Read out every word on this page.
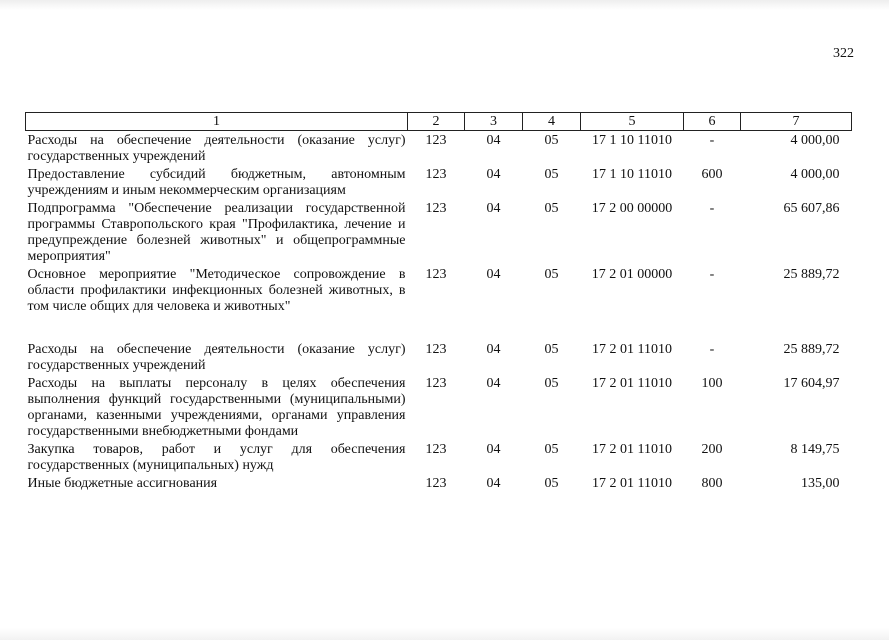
322
1	2	3	4	5	6	7
Расходы на обеспечение деятельности (оказание услуг) государственных учреждений	123	04	05	17 1 10 11010	-	4 000,00
Предоставление субсидий бюджетным, автономным учреждениям и иным некоммерческим организациям	123	04	05	17 1 10 11010	600	4 000,00
Подпрограмма "Обеспечение реализации государственной программы Ставропольского края "Профилактика, лечение и предупреждение болезней животных" и общепрограммные мероприятия"	123	04	05	17 2 00 00000	-	65 607,86
Основное мероприятие "Методическое сопровождение в области профилактики инфекционных болезней животных, в том числе общих для человека и животных"	123	04	05	17 2 01 00000	-	25 889,72
Расходы на обеспечение деятельности (оказание услуг) государственных учреждений	123	04	05	17 2 01 11010	-	25 889,72
Расходы на выплаты персоналу в целях обеспечения выполнения функций государственными (муниципальными) органами, казенными учреждениями, органами управления государственными внебюджетными фондами	123	04	05	17 2 01 11010	100	17 604,97
Закупка товаров, работ и услуг для обеспечения государственных (муниципальных) нужд	123	04	05	17 2 01 11010	200	8 149,75
Иные бюджетные ассигнования	123	04	05	17 2 01 11010	800	135,00
